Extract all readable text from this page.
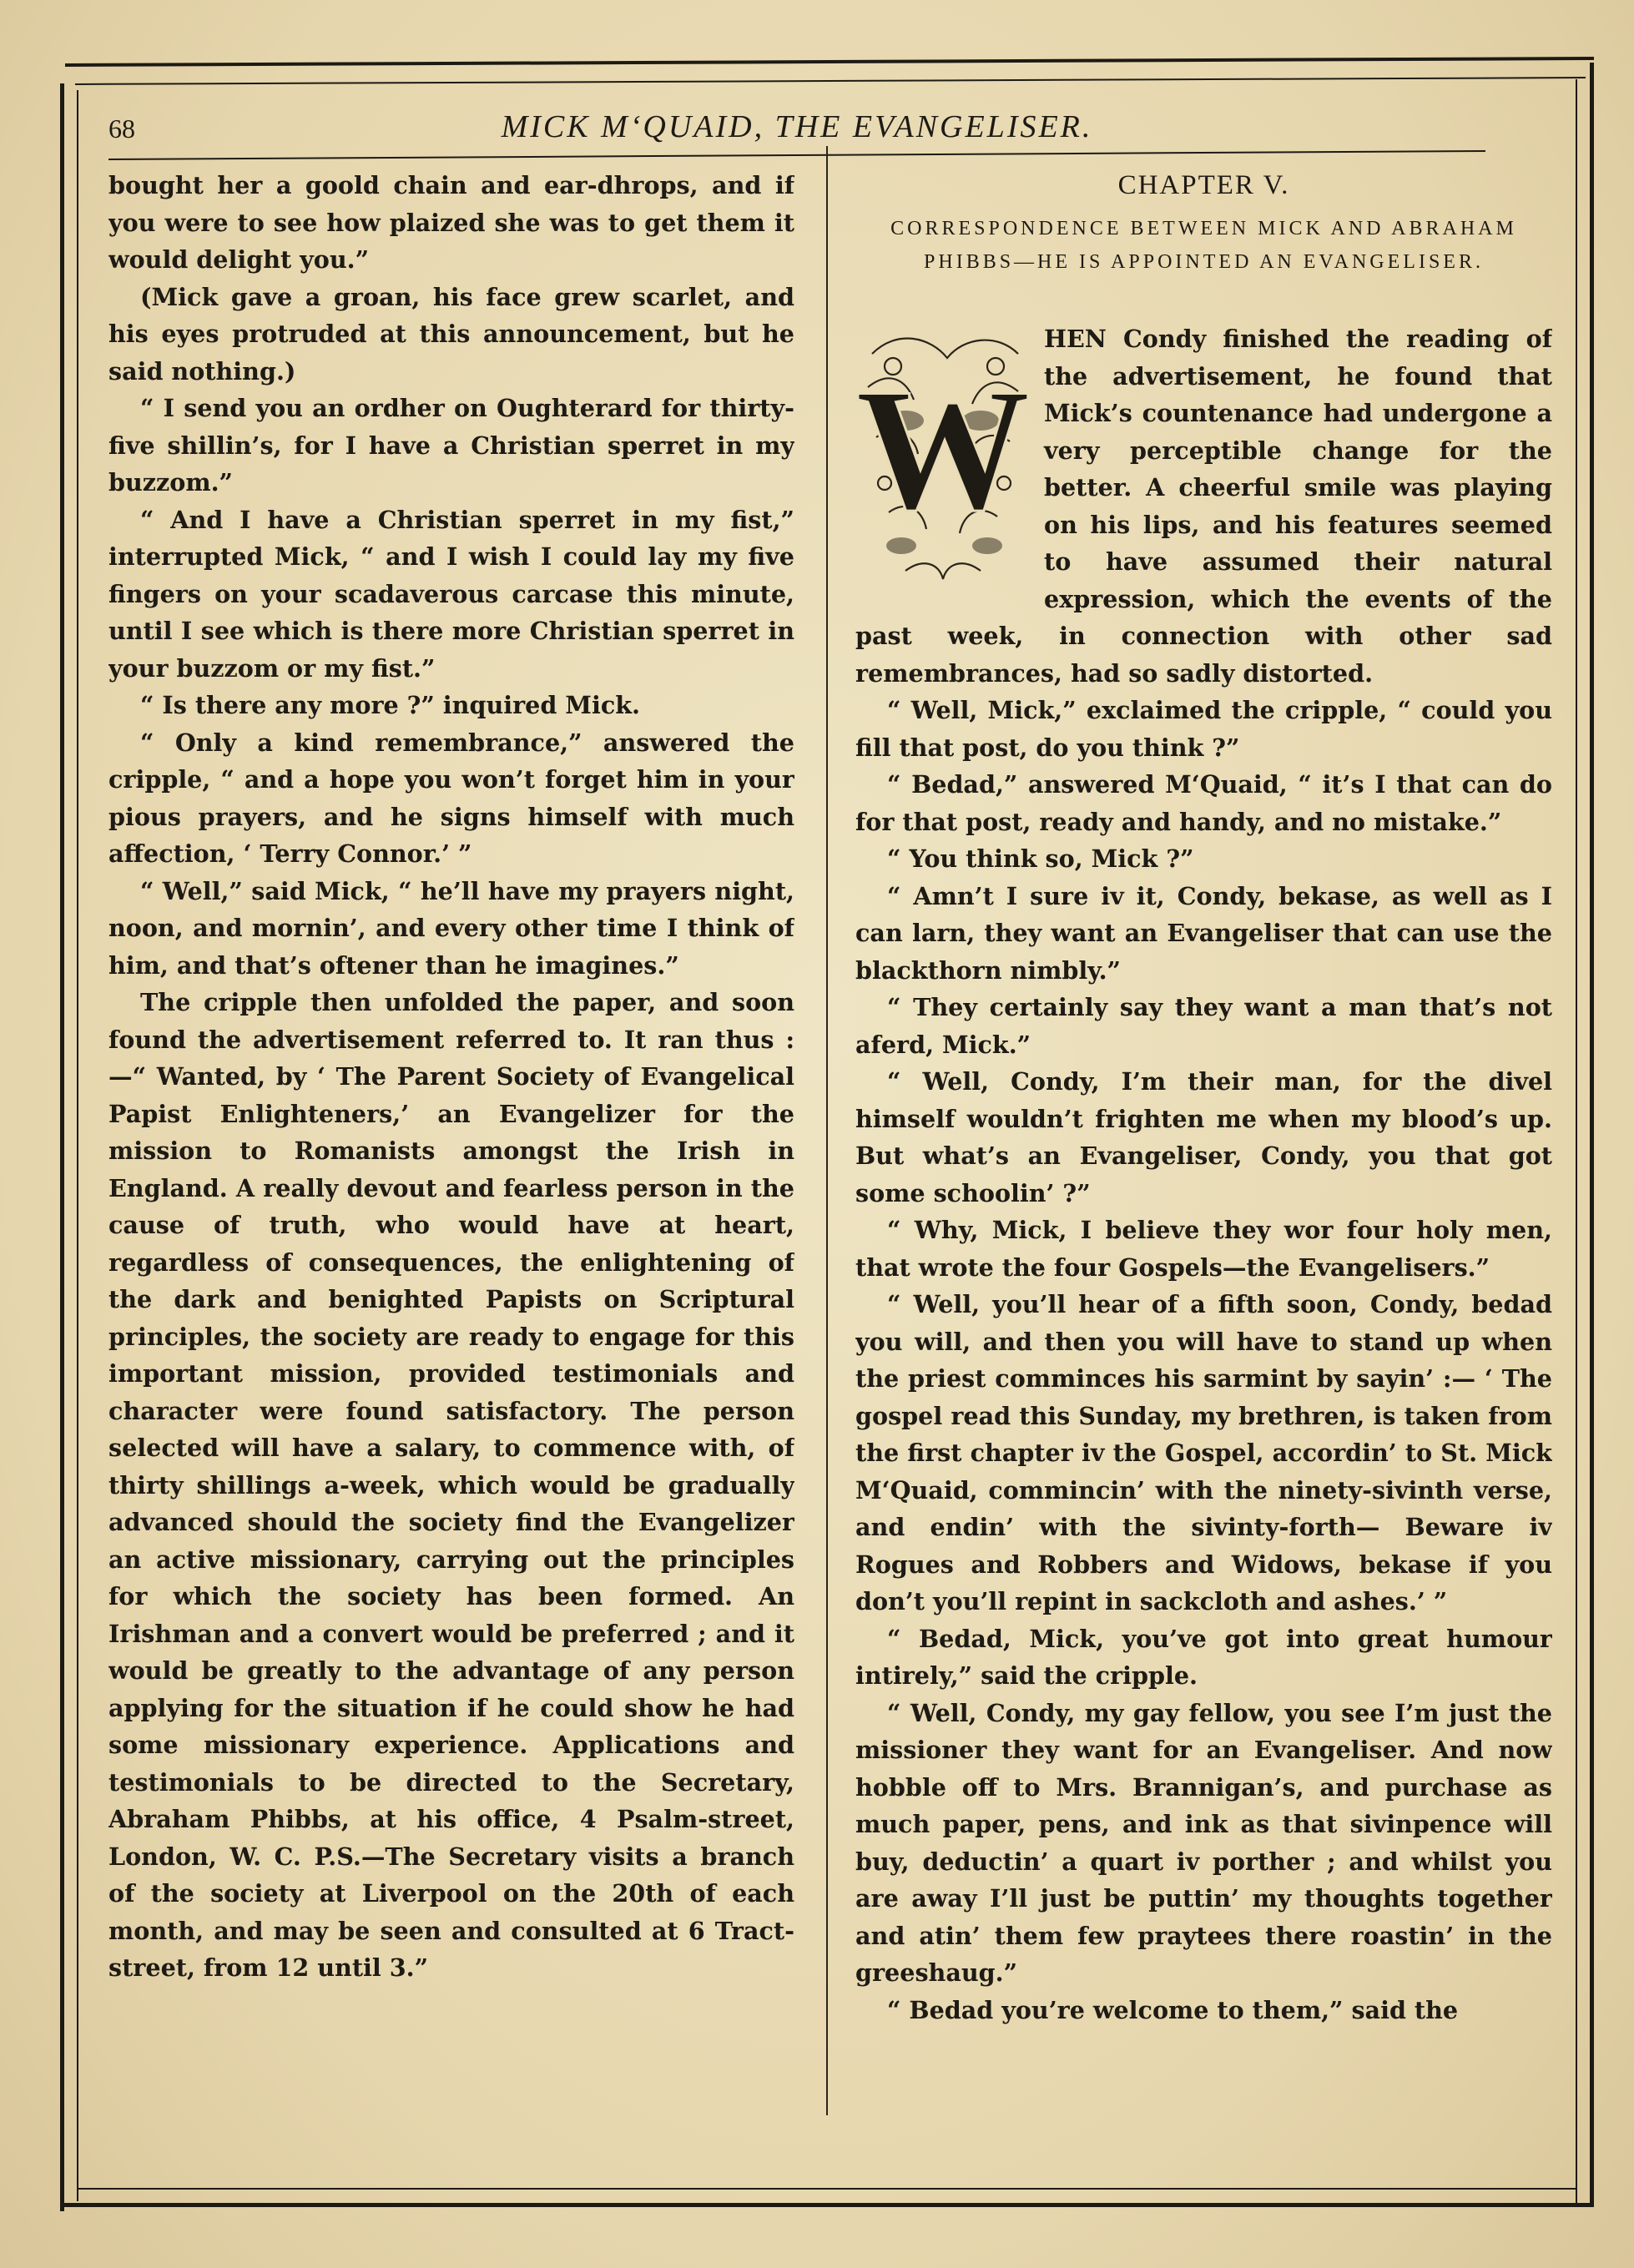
68	MICK M‘QUAID, THE EVANGELISER.

bought her a goold chain and ear-dhrops, and if you were to see how plaized she was to get them it would delight you.”

(Mick gave a groan, his face grew scarlet, and his eyes protruded at this announcement, but he said nothing.)

“ I send you an ordher on Oughterard for thirty-five shillin’s, for I have a Christian sperret in my buzzom.”

“ And I have a Christian sperret in my fist,” interrupted Mick, “ and I wish I could lay my five fingers on your scadaverous carcase this minute, until I see which is there more Christian sperret in your buzzom or my fist.”

“ Is there any more ?” inquired Mick.

“ Only a kind remembrance,” answered the cripple, “ and a hope you won’t forget him in your pious prayers, and he signs himself with much affection, ‘ Terry Connor.’ ”

“ Well,” said Mick, “ he’ll have my prayers night, noon, and mornin’, and every other time I think of him, and that’s oftener than he imagines.”

The cripple then unfolded the paper, and soon found the advertisement referred to. It ran thus :—“ Wanted, by ‘ The Parent Society of Evangelical Papist Enlighteners,’ an Evangelizer for the mission to Romanists amongst the Irish in England. A really devout and fearless person in the cause of truth, who would have at heart, regardless of consequences, the enlightening of the dark and benighted Papists on Scriptural principles, the society are ready to engage for this important mission, provided testimonials and character were found satisfactory. The person selected will have a salary, to commence with, of thirty shillings a-week, which would be gradually advanced should the society find the Evangelizer an active missionary, carrying out the principles for which the society has been formed. An Irishman and a convert would be preferred ; and it would be greatly to the advantage of any person applying for the situation if he could show he had some missionary experience. Applications and testimonials to be directed to the Secretary, Abraham Phibbs, at his office, 4 Psalm-street, London, W. C. P.S.—The Secretary visits a branch of the society at Liverpool on the 20th of each month, and may be seen and consulted at 6 Tract-street, from 12 until 3.”

CHAPTER V.
CORRESPONDENCE BETWEEN MICK AND ABRAHAM PHIBBS—HE IS APPOINTED AN EVANGELISER.
W

HEN Condy finished the reading of the advertisement, he found that Mick’s countenance had undergone a very perceptible change for the better. A cheerful smile was playing on his lips, and his features seemed to have assumed their natural expression, which the events of the past week, in connection with other sad remembrances, had so sadly distorted.

“ Well, Mick,” exclaimed the cripple, “ could you fill that post, do you think ?”

“ Bedad,” answered M‘Quaid, “ it’s I that can do for that post, ready and handy, and no mistake.”

“ You think so, Mick ?”

“ Amn’t I sure iv it, Condy, bekase, as well as I can larn, they want an Evangeliser that can use the blackthorn nimbly.”

“ They certainly say they want a man that’s not aferd, Mick.”

“ Well, Condy, I’m their man, for the divel himself wouldn’t frighten me when my blood’s up. But what’s an Evangeliser, Condy, you that got some schoolin’ ?”

“ Why, Mick, I believe they wor four holy men, that wrote the four Gospels—the Evangelisers.”

“ Well, you’ll hear of a fifth soon, Condy, bedad you will, and then you will have to stand up when the priest comminces his sarmint by sayin’ :— ‘ The gospel read this Sunday, my brethren, is taken from the first chapter iv the Gospel, accordin’ to St. Mick M‘Quaid, commincin’ with the ninety-sivinth verse, and endin’ with the sivinty-forth— Beware iv Rogues and Robbers and Widows, bekase if you don’t you’ll repint in sackcloth and ashes.’ ”

“ Bedad, Mick, you’ve got into great humour intirely,” said the cripple.

“ Well, Condy, my gay fellow, you see I’m just the missioner they want for an Evangeliser. And now hobble off to Mrs. Brannigan’s, and purchase as much paper, pens, and ink as that sivinpence will buy, deductin’ a quart iv porther ; and whilst you are away I’ll just be puttin’ my thoughts together and atin’ them few praytees there roastin’ in the greeshaug.”

“ Bedad you’re welcome to them,” said the
